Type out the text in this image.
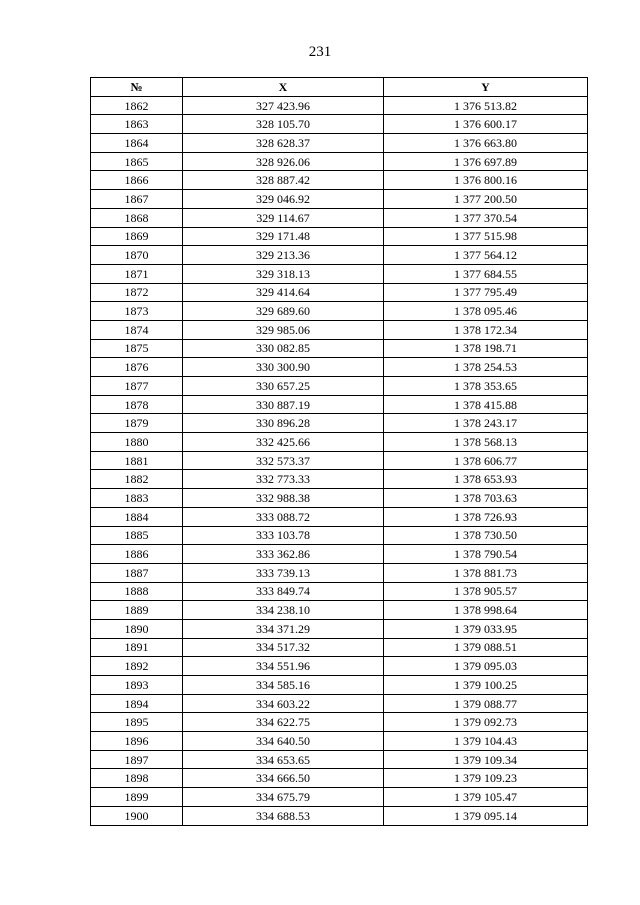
231
№	X	Y
1862	327 423.96	1 376 513.82
1863	328 105.70	1 376 600.17
1864	328 628.37	1 376 663.80
1865	328 926.06	1 376 697.89
1866	328 887.42	1 376 800.16
1867	329 046.92	1 377 200.50
1868	329 114.67	1 377 370.54
1869	329 171.48	1 377 515.98
1870	329 213.36	1 377 564.12
1871	329 318.13	1 377 684.55
1872	329 414.64	1 377 795.49
1873	329 689.60	1 378 095.46
1874	329 985.06	1 378 172.34
1875	330 082.85	1 378 198.71
1876	330 300.90	1 378 254.53
1877	330 657.25	1 378 353.65
1878	330 887.19	1 378 415.88
1879	330 896.28	1 378 243.17
1880	332 425.66	1 378 568.13
1881	332 573.37	1 378 606.77
1882	332 773.33	1 378 653.93
1883	332 988.38	1 378 703.63
1884	333 088.72	1 378 726.93
1885	333 103.78	1 378 730.50
1886	333 362.86	1 378 790.54
1887	333 739.13	1 378 881.73
1888	333 849.74	1 378 905.57
1889	334 238.10	1 378 998.64
1890	334 371.29	1 379 033.95
1891	334 517.32	1 379 088.51
1892	334 551.96	1 379 095.03
1893	334 585.16	1 379 100.25
1894	334 603.22	1 379 088.77
1895	334 622.75	1 379 092.73
1896	334 640.50	1 379 104.43
1897	334 653.65	1 379 109.34
1898	334 666.50	1 379 109.23
1899	334 675.79	1 379 105.47
1900	334 688.53	1 379 095.14
